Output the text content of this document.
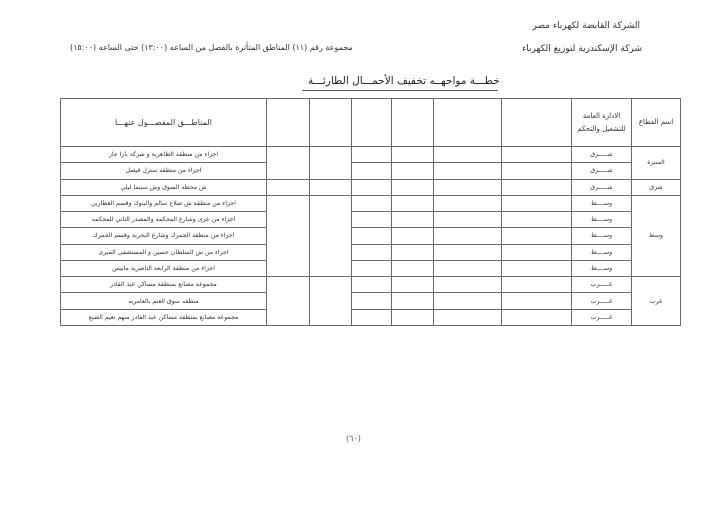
الشركة القابضة لكهرباء مصر
شركة الإسكندرية لتوزيع الكهرباء
مجموعة رقم (١١) المناطق المتأثرة بالفصل من الساعه (١٣:٠٠) حتى الساعه (١٥:٠٠)
خطـــة مواجهــه تخفيف الأحمـــال الطارئـــة
اسم القطاع	الادارة العامة للتشغيل والتحكم							المناطـــق المفصـــول عنهـــا
المنترة	شـــــرق							اجزاء من منطقة الظاهرية و شركة بارا جاز
	شـــــرق							اجزاء من منطقه ستزل فيصل
شرق	شـــــرق							ش محطه السوق وش سينما ليلي
وسط	وســــط							اجزاء من منطقة ش صلاح سالم والبنوك وقسم العطارين
	وســــط							اجزاء من عرى وشارع المحكمه والمصدر الثاني للمحكمه
	وســــط							اجزاء من منطقة الجمرك وشارع البحرية وقسم الجمرك
	وســــط							اجزاء من ش السلطان حسين و المستشفى الميرى
	وســــط							اجزاء من منطقة الرابعه الناصرية مابيس
غرب	غـــــرب							مجموعة مصانع بمنطقة مساكن عبد القادر
	غـــــرب							منطقه سوق الغنم بالعامريه
	غـــــرب							مجموعة مصانع بمنطقة مساكن عبد القادر منهم نعيم الضبع
(٦٠)
